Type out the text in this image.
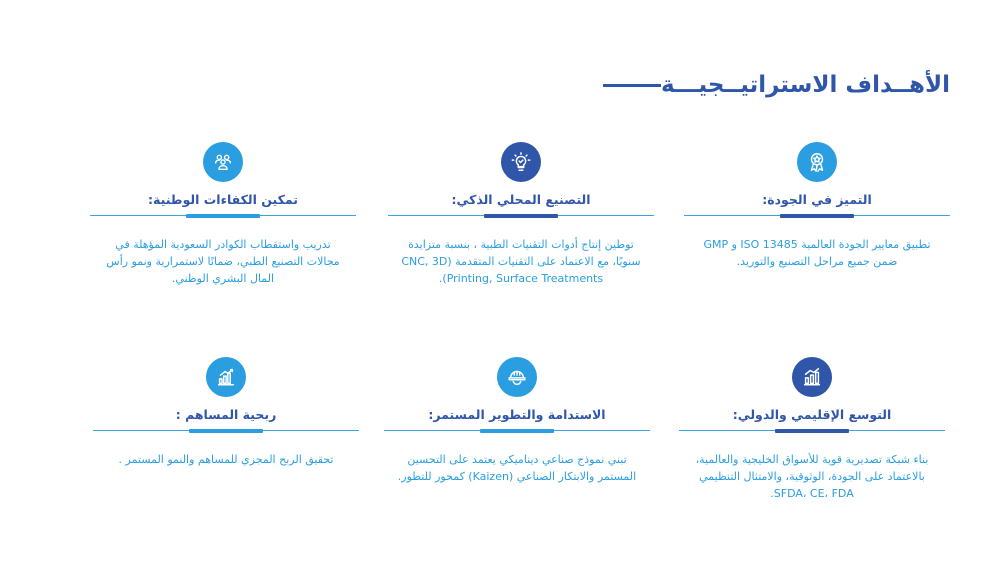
الأهــداف الاستراتيــجيـــة
التميز في الجودة:
تطبيق معايير الجودة العالمية ISO 13485 و GMP ضمن جميع مراحل التصنيع والتوريد.
التصنيع المحلي الذكي:
توطين إنتاج أدوات التقنيات الطبية ، بنسبة متزايدة سنويًا، مع الاعتماد على التقنيات المتقدمة (CNC, 3D Printing, Surface Treatments).
تمكين الكفاءات الوطنية:
تدريب واستقطاب الكوادر السعودية المؤهلة في مجالات التصنيع الطبي، ضمانًا لاستمرارية ونمو رأس المال البشري الوطني.
التوسع الإقليمي والدولي:
بناء شبكة تصديرية قوية للأسواق الخليجية والعالمية، بالاعتماد على الجودة، الوثوقية، والامتثال التنظيمي SFDA، CE، FDA.
الاستدامة والتطوير المستمر:
تبني نموذج صناعي ديناميكي يعتمد على التحسين المستمر والابتكار الصناعي (Kaizen) كمحور للتطور.
ربحية المساهم :
تحقيق الربح المجزي للمساهم والنمو المستمر .
